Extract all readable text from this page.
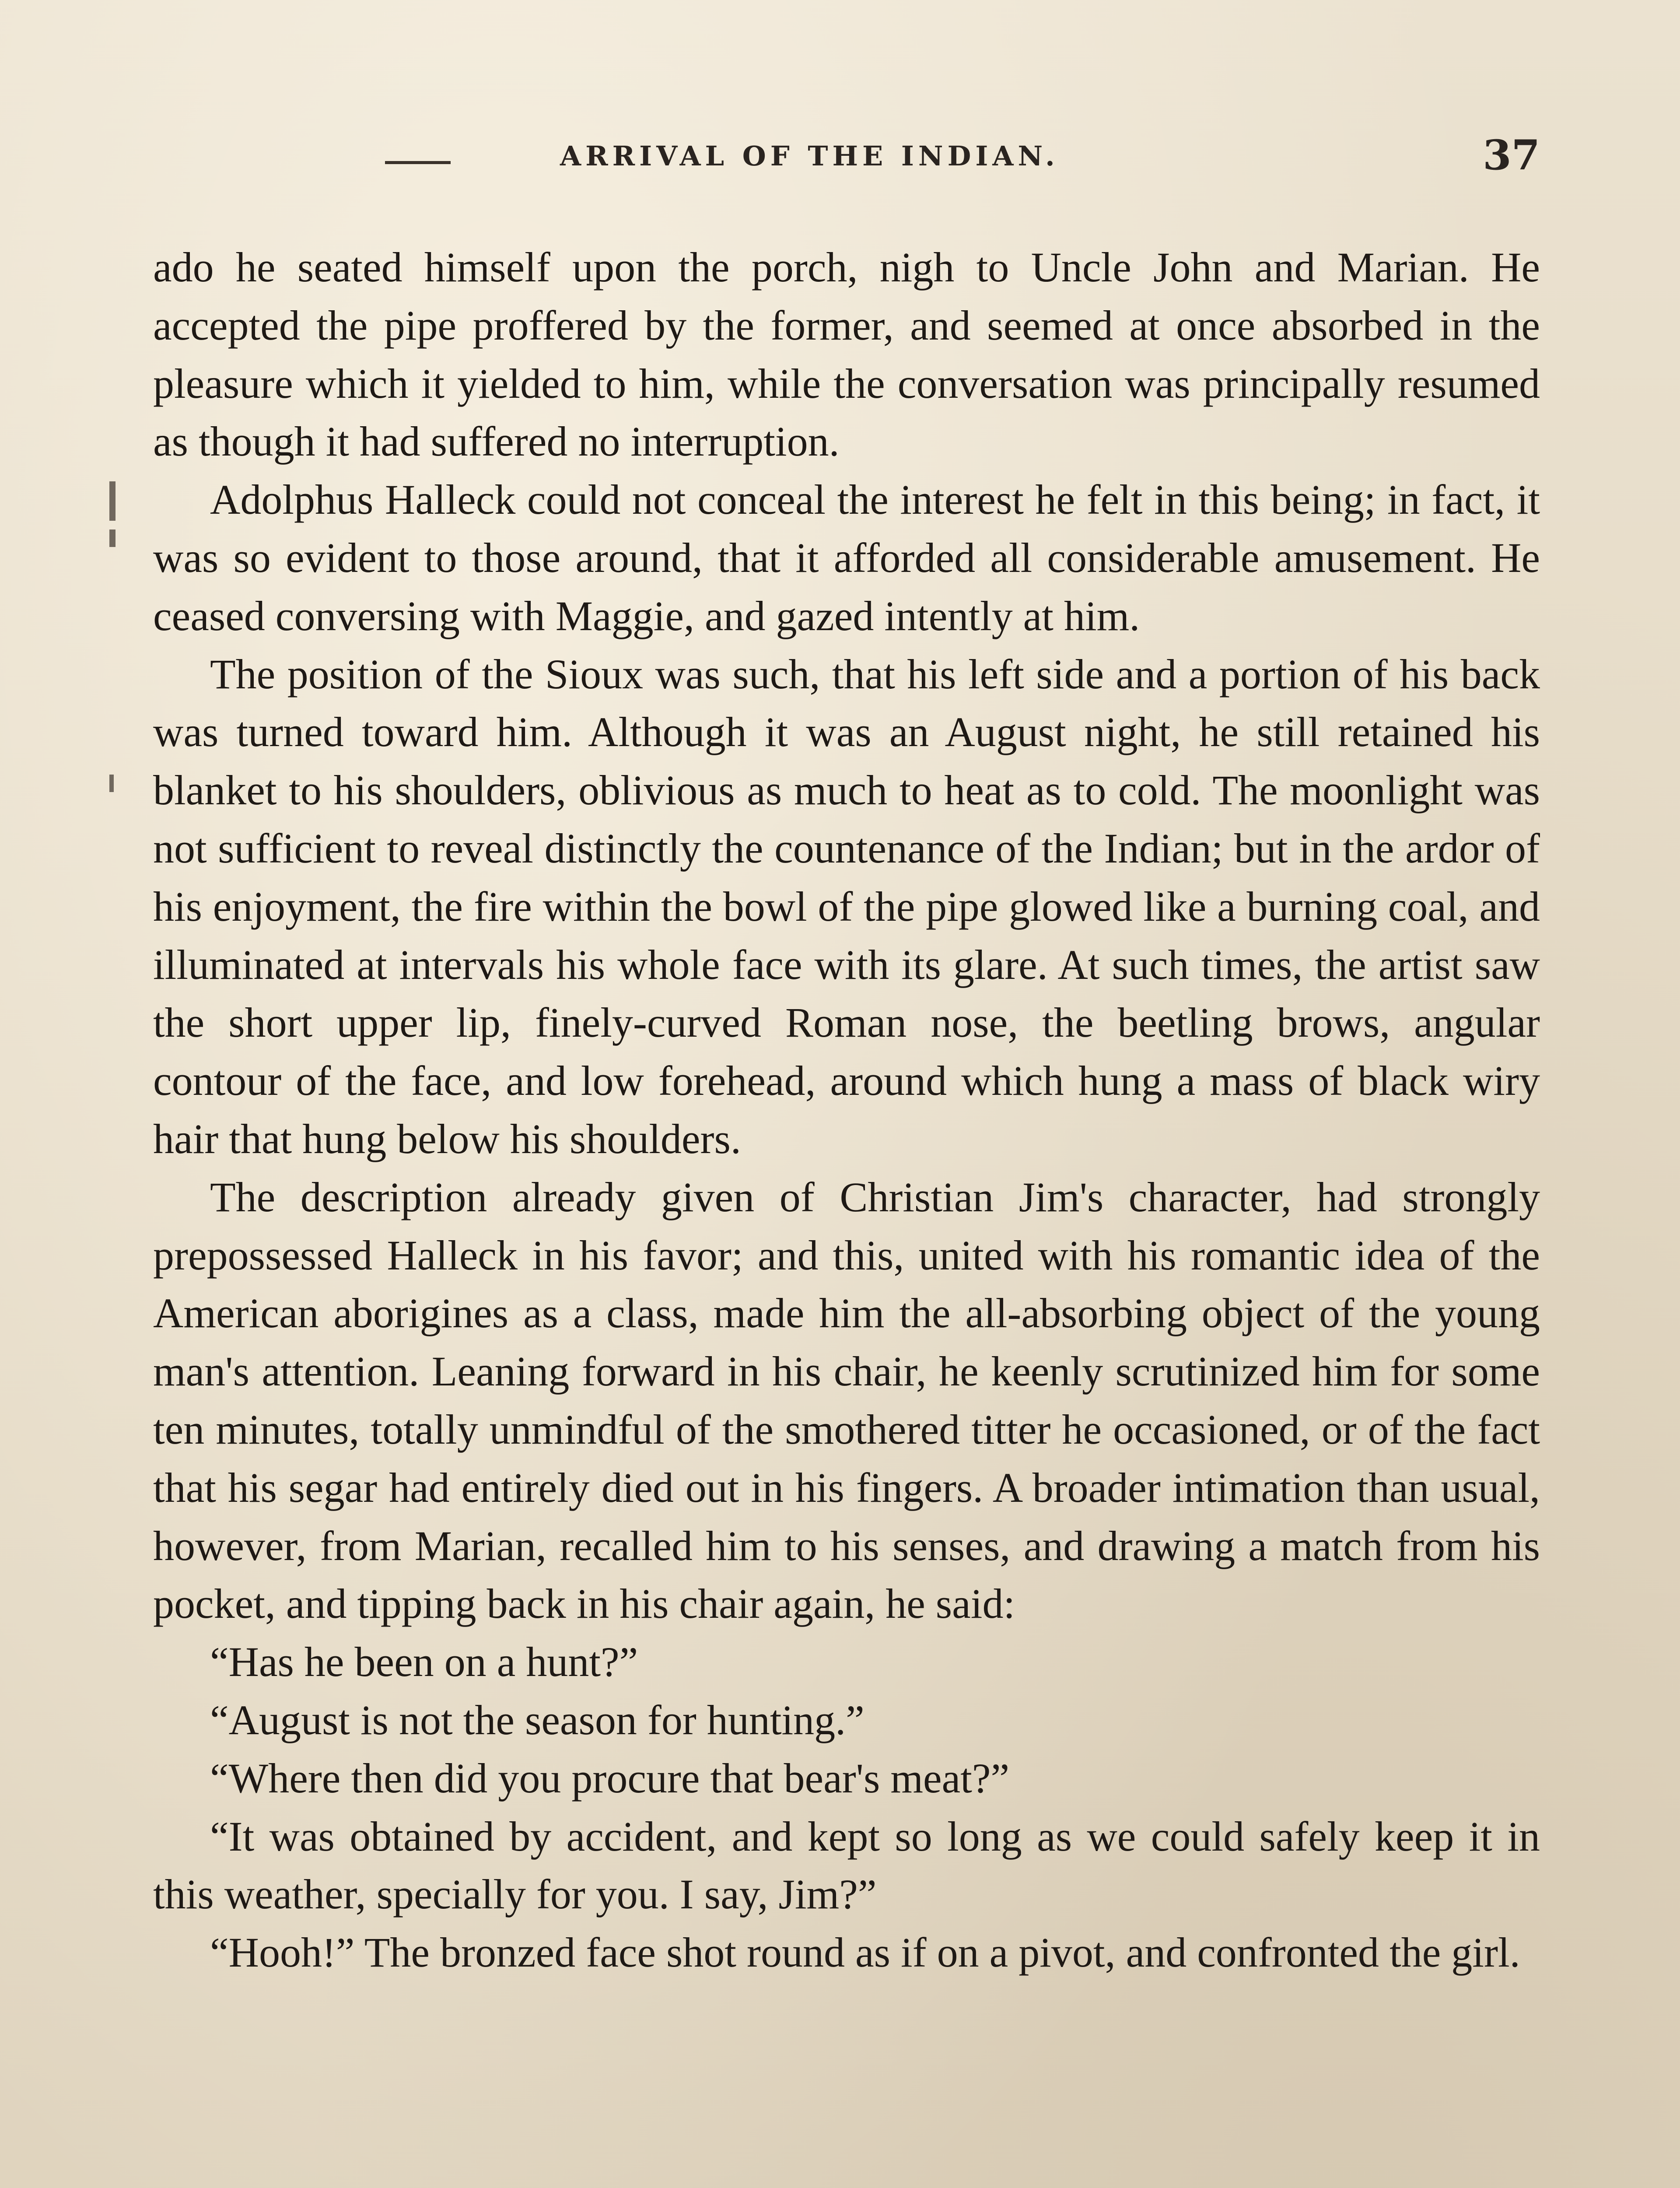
ARRIVAL OF THE INDIAN.	37

ado he seated himself upon the porch, nigh to Uncle John and Marian. He accepted the pipe proffered by the former, and seemed at once absorbed in the pleasure which it yielded to him, while the conversation was principally resumed as though it had suffered no interruption.

Adolphus Halleck could not conceal the interest he felt in this being; in fact, it was so evident to those around, that it afforded all considerable amusement. He ceased conversing with Maggie, and gazed intently at him.

The position of the Sioux was such, that his left side and a portion of his back was turned toward him. Although it was an August night, he still retained his blanket to his shoulders, oblivious as much to heat as to cold. The moonlight was not sufficient to reveal distinctly the countenance of the Indian; but in the ardor of his enjoyment, the fire within the bowl of the pipe glowed like a burning coal, and illuminated at intervals his whole face with its glare. At such times, the artist saw the short upper lip, finely-curved Roman nose, the beetling brows, angular contour of the face, and low forehead, around which hung a mass of black wiry hair that hung below his shoulders.

The description already given of Christian Jim's character, had strongly prepossessed Halleck in his favor; and this, united with his romantic idea of the American aborigines as a class, made him the all-absorbing object of the young man's attention. Leaning forward in his chair, he keenly scrutinized him for some ten minutes, totally unmindful of the smothered titter he occasioned, or of the fact that his segar had entirely died out in his fingers. A broader intimation than usual, however, from Marian, recalled him to his senses, and drawing a match from his pocket, and tipping back in his chair again, he said:

“Has he been on a hunt?”

“August is not the season for hunting.”

“Where then did you procure that bear's meat?”

“It was obtained by accident, and kept so long as we could safely keep it in this weather, specially for you. I say, Jim?”

“Hooh!” The bronzed face shot round as if on a pivot, and confronted the girl.
